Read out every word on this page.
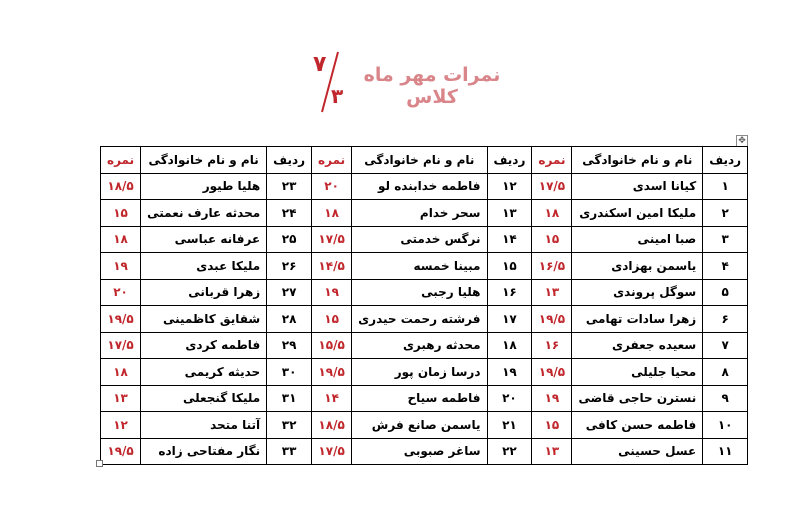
نمرات مهر ماه کلاس
۷
۳
✥
ردیف	نام و نام خانوادگی	نمره	ردیف	نام و نام خانوادگی	نمره	ردیف	نام و نام خانوادگی	نمره
۱	کیانا اسدی	۱۷/۵	۱۲	فاطمه خدابنده لو	۲۰	۲۳	هلیا طیور	۱۸/۵
۲	ملیکا امین اسکندری	۱۸	۱۳	سحر خدام	۱۸	۲۴	محدثه عارف نعمتی	۱۵
۳	صبا امینی	۱۵	۱۴	نرگس خدمتی	۱۷/۵	۲۵	عرفانه عباسی	۱۸
۴	یاسمن بهزادی	۱۶/۵	۱۵	مبینا خمسه	۱۴/۵	۲۶	ملیکا عبدی	۱۹
۵	سوگل پروندی	۱۳	۱۶	هلیا رجبی	۱۹	۲۷	زهرا قربانی	۲۰
۶	زهرا سادات تهامی	۱۹/۵	۱۷	فرشته رحمت حیدری	۱۵	۲۸	شقایق کاظمینی	۱۹/۵
۷	سعیده جعفری	۱۶	۱۸	محدثه رهبری	۱۵/۵	۲۹	فاطمه کردی	۱۷/۵
۸	محیا جلیلی	۱۹/۵	۱۹	درسا زمان پور	۱۹/۵	۳۰	حدیثه کریمی	۱۸
۹	نسترن حاجی قاضی	۱۹	۲۰	فاطمه سیاح	۱۴	۳۱	ملیکا گنجعلی	۱۳
۱۰	فاطمه حسن کافی	۱۵	۲۱	یاسمن صانع فرش	۱۸/۵	۳۲	آتنا متحد	۱۲
۱۱	عسل حسینی	۱۳	۲۲	ساغر صبوبی	۱۷/۵	۳۳	نگار مفتاحی زاده	۱۹/۵
